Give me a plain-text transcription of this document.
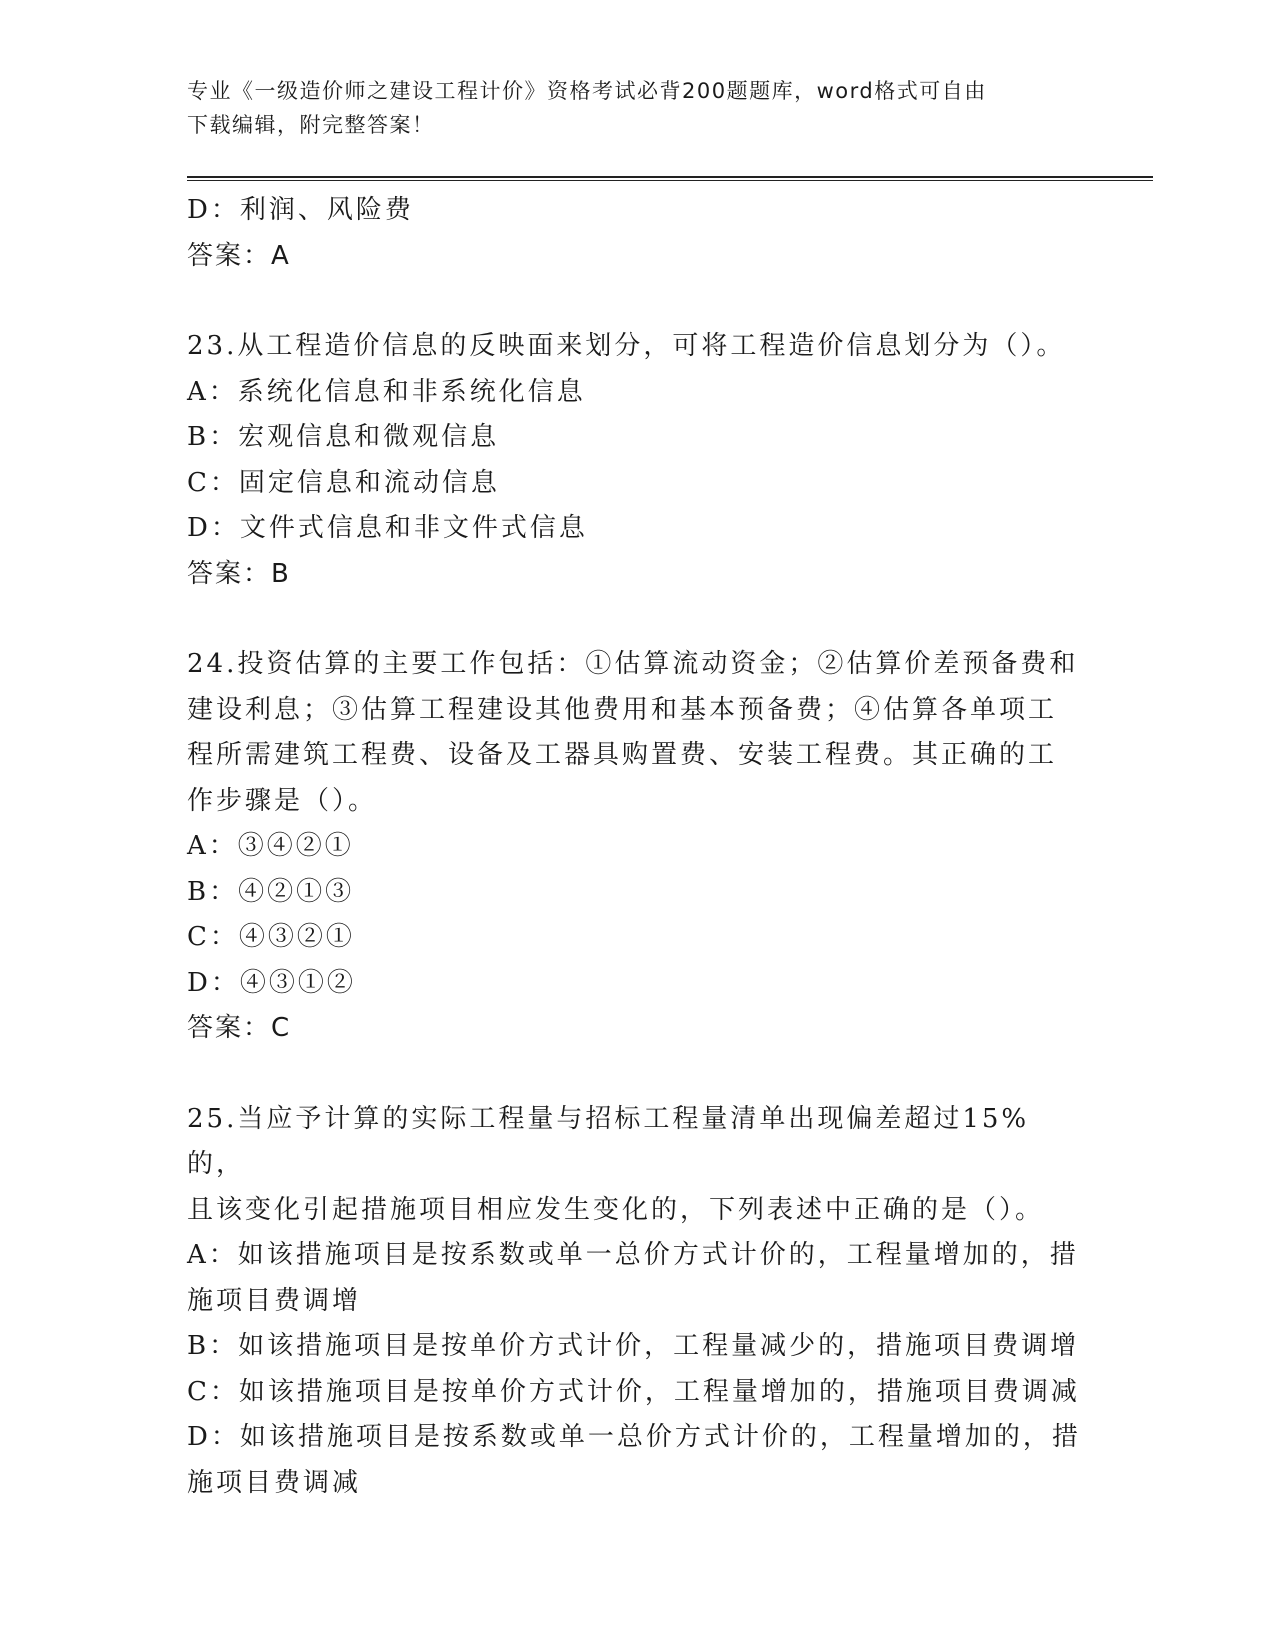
专业《一级造价师之建设工程计价》资格考试必背200题题库，word格式可自由
下载编辑，附完整答案！
D：利润、风险费
答案：A
23.从工程造价信息的反映面来划分，可将工程造价信息划分为（）。
A：系统化信息和非系统化信息
B：宏观信息和微观信息
C：固定信息和流动信息
D：文件式信息和非文件式信息
答案：B
24.投资估算的主要工作包括：①估算流动资金；②估算价差预备费和
建设利息；③估算工程建设其他费用和基本预备费；④估算各单项工
程所需建筑工程费、设备及工器具购置费、安装工程费。其正确的工
作步骤是（）。
A：③④②①
B：④②①③
C：④③②①
D：④③①②
答案：C
25.当应予计算的实际工程量与招标工程量清单出现偏差超过15%的，
且该变化引起措施项目相应发生变化的，下列表述中正确的是（）。
A：如该措施项目是按系数或单一总价方式计价的，工程量增加的，措
施项目费调增
B：如该措施项目是按单价方式计价，工程量减少的，措施项目费调增
C：如该措施项目是按单价方式计价，工程量增加的，措施项目费调减
D：如该措施项目是按系数或单一总价方式计价的，工程量增加的，措
施项目费调减
